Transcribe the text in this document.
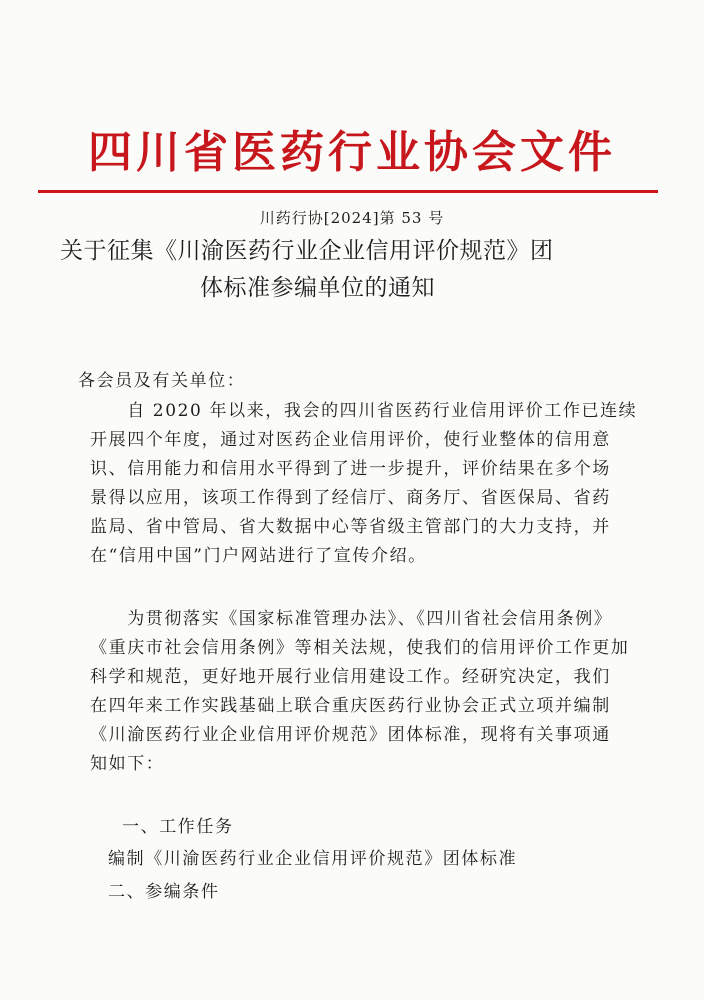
四川省医药行业协会文件
川药行协[2024]第 53 号
关于征集《川渝医药行业企业信用评价规范》团
体标准参编单位的通知

各会员及有关单位：

　　自 2020 年以来，我会的四川省医药行业信用评价工作已连续
开展四个年度，通过对医药企业信用评价，使行业整体的信用意
识、信用能力和信用水平得到了进一步提升，评价结果在多个场
景得以应用，该项工作得到了经信厅、商务厅、省医保局、省药
监局、省中管局、省大数据中心等省级主管部门的大力支持，并
在“信用中国”门户网站进行了宣传介绍。

　　为贯彻落实《国家标准管理办法》、《四川省社会信用条例》
《重庆市社会信用条例》等相关法规，使我们的信用评价工作更加
科学和规范，更好地开展行业信用建设工作。经研究决定，我们
在四年来工作实践基础上联合重庆医药行业协会正式立项并编制
《川渝医药行业企业信用评价规范》团体标准，现将有关事项通
知如下：

一、工作任务

编制《川渝医药行业企业信用评价规范》团体标准

二、参编条件
